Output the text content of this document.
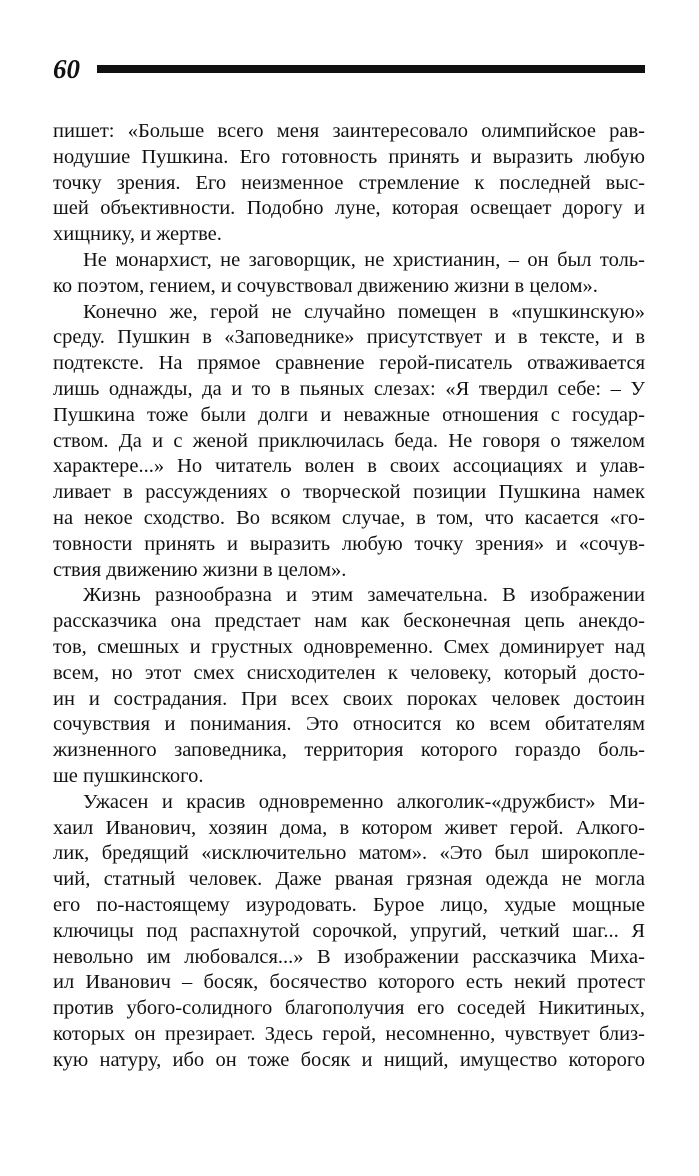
60
пишет: «Больше всего меня заинтересовало олимпийское рав-
нодушие Пушкина. Его готовность принять и выразить любую
точку зрения. Его неизменное стремление к последней выс-
шей объективности. Подобно луне, которая освещает дорогу и
хищнику, и жертве.
Не монархист, не заговорщик, не христианин, – он был толь-
ко поэтом, гением, и сочувствовал движению жизни в целом».
Конечно же, герой не случайно помещен в «пушкинскую»
среду. Пушкин в «Заповеднике» присутствует и в тексте, и в
подтексте. На прямое сравнение герой-писатель отваживается
лишь однажды, да и то в пьяных слезах: «Я твердил себе: – У
Пушкина тоже были долги и неважные отношения с государ-
ством. Да и с женой приключилась беда. Не говоря о тяжелом
характере...» Но читатель волен в своих ассоциациях и улав-
ливает в рассуждениях о творческой позиции Пушкина намек
на некое сходство. Во всяком случае, в том, что касается «го-
товности принять и выразить любую точку зрения» и «сочув-
ствия движению жизни в целом».
Жизнь разнообразна и этим замечательна. В изображении
рассказчика она предстает нам как бесконечная цепь анекдо-
тов, смешных и грустных одновременно. Смех доминирует над
всем, но этот смех снисходителен к человеку, который досто-
ин и сострадания. При всех своих пороках человек достоин
сочувствия и понимания. Это относится ко всем обитателям
жизненного заповедника, территория которого гораздо боль-
ше пушкинского.
Ужасен и красив одновременно алкоголик-«дружбист» Ми-
хаил Иванович, хозяин дома, в котором живет герой. Алкого-
лик, бредящий «исключительно матом». «Это был широкоплe-
чий, статный человек. Даже рваная грязная одежда не могла
его по-настоящему изуродовать. Бурое лицо, худые мощные
ключицы под распахнутой сорочкой, упругий, четкий шаг... Я
невольно им любовался...» В изображении рассказчика Миха-
ил Иванович – босяк, босячество которого есть некий протест
против убого-солидного благополучия его соседей Никитиных,
которых он презирает. Здесь герой, несомненно, чувствует близ-
кую натуру, ибо он тоже босяк и нищий, имущество которого
